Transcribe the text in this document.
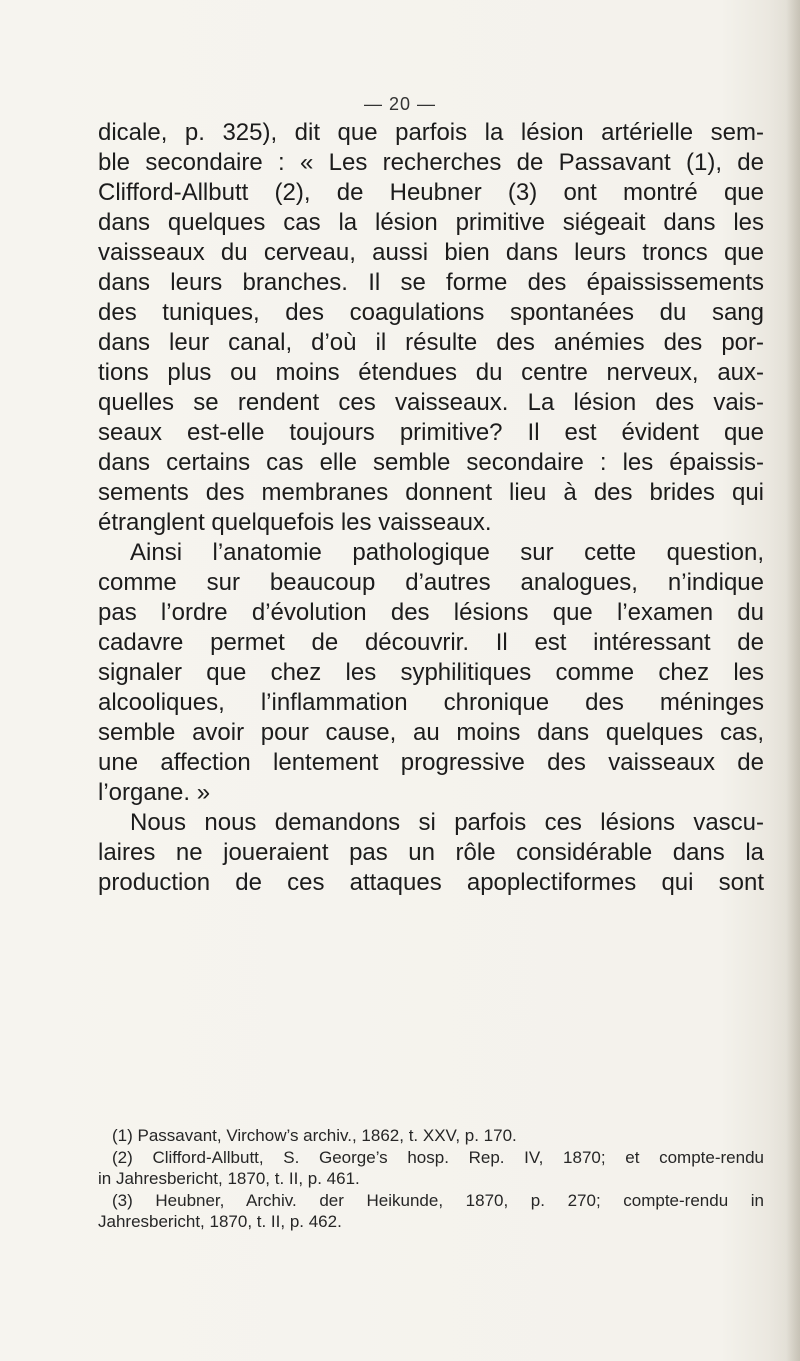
— 20 —

dicale, p. 325), dit que parfois la lésion artérielle sem-
ble secondaire : « Les recherches de Passavant (1), de
Clifford-Allbutt (2), de Heubner (3) ont montré que
dans quelques cas la lésion primitive siégeait dans les
vaisseaux du cerveau, aussi bien dans leurs troncs que
dans leurs branches. Il se forme des épaississements
des tuniques, des coagulations spontanées du sang
dans leur canal, d’où il résulte des anémies des por-
tions plus ou moins étendues du centre nerveux, aux-
quelles se rendent ces vaisseaux. La lésion des vais-
seaux est-elle toujours primitive? Il est évident que
dans certains cas elle semble secondaire : les épaissis-
sements des membranes donnent lieu à des brides qui
étranglent quelquefois les vaisseaux.

Ainsi l’anatomie pathologique sur cette question,
comme sur beaucoup d’autres analogues, n’indique
pas l’ordre d’évolution des lésions que l’examen du
cadavre permet de découvrir. Il est intéressant de
signaler que chez les syphilitiques comme chez les
alcooliques, l’inflammation chronique des méninges
semble avoir pour cause, au moins dans quelques cas,
une affection lentement progressive des vaisseaux de
l’organe. »

Nous nous demandons si parfois ces lésions vascu-
laires ne joueraient pas un rôle considérable dans la
production de ces attaques apoplectiformes qui sont

(1) Passavant, Virchow’s archiv., 1862, t. XXV, p. 170.
(2) Clifford-Allbutt, S. George’s hosp. Rep. IV, 1870; et compte-rendu
in Jahresbericht, 1870, t. II, p. 461.
(3) Heubner, Archiv. der Heikunde, 1870, p. 270; compte-rendu in
Jahresbericht, 1870, t. II, p. 462.
